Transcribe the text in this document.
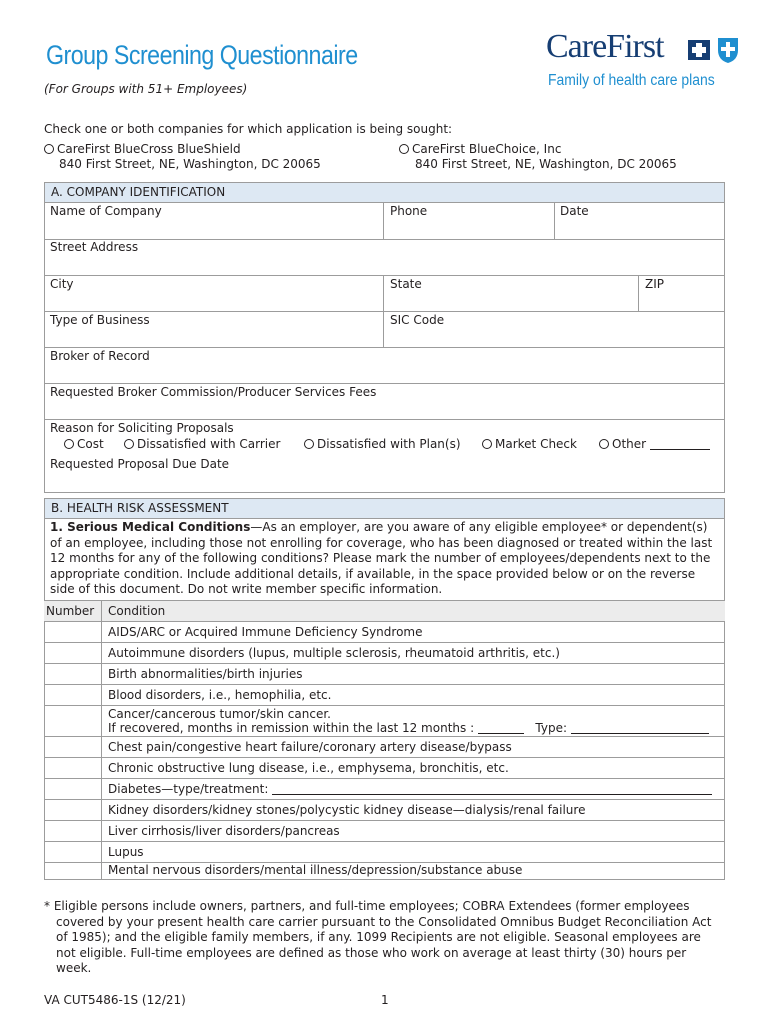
Group Screening Questionnaire
(For Groups with 51+ Employees)
CareFirst
Family of health care plans
Check one or both companies for which application is being sought:
CareFirst BlueCross BlueShield
840 First Street, NE, Washington, DC 20065
CareFirst BlueChoice, Inc
840 First Street, NE, Washington, DC 20065
A. COMPANY IDENTIFICATION
Name of Company	Phone	Date
Street Address
City	State	ZIP
Type of Business	SIC Code
Broker of Record
Requested Broker Commission/Producer Services Fees
Reason for Soliciting Proposals
Cost	Dissatisfied with Carrier	Dissatisfied with Plan(s)	Market Check	Other
Requested Proposal Due Date
B. HEALTH RISK ASSESSMENT
1. Serious Medical Conditions—As an employer, are you aware of any eligible employee* or dependent(s) of an employee, including those not enrolling for coverage, who has been diagnosed or treated within the last 12 months for any of the following conditions? Please mark the number of employees/dependents next to the appropriate condition. Include additional details, if available, in the space provided below or on the reverse side of this document. Do not write member specific information.
Number Condition
AIDS/ARC or Acquired Immune Deficiency Syndrome
Autoimmune disorders (lupus, multiple sclerosis, rheumatoid arthritis, etc.)
Birth abnormalities/birth injuries
Blood disorders, i.e., hemophilia, etc.
Cancer/cancerous tumor/skin cancer.
If recovered, months in remission within the last 12 months :	Type:
Chest pain/congestive heart failure/coronary artery disease/bypass
Chronic obstructive lung disease, i.e., emphysema, bronchitis, etc.
Diabetes—type/treatment:
Kidney disorders/kidney stones/polycystic kidney disease—dialysis/renal failure
Liver cirrhosis/liver disorders/pancreas
Lupus
Mental nervous disorders/mental illness/depression/substance abuse
* Eligible persons include owners, partners, and full-time employees; COBRA Extendees (former employees covered by your present health care carrier pursuant to the Consolidated Omnibus Budget Reconciliation Act of 1985); and the eligible family members, if any. 1099 Recipients are not eligible. Seasonal employees are not eligible. Full-time employees are defined as those who work on average at least thirty (30) hours per week.
VA CUT5486-1S (12/21)	1
